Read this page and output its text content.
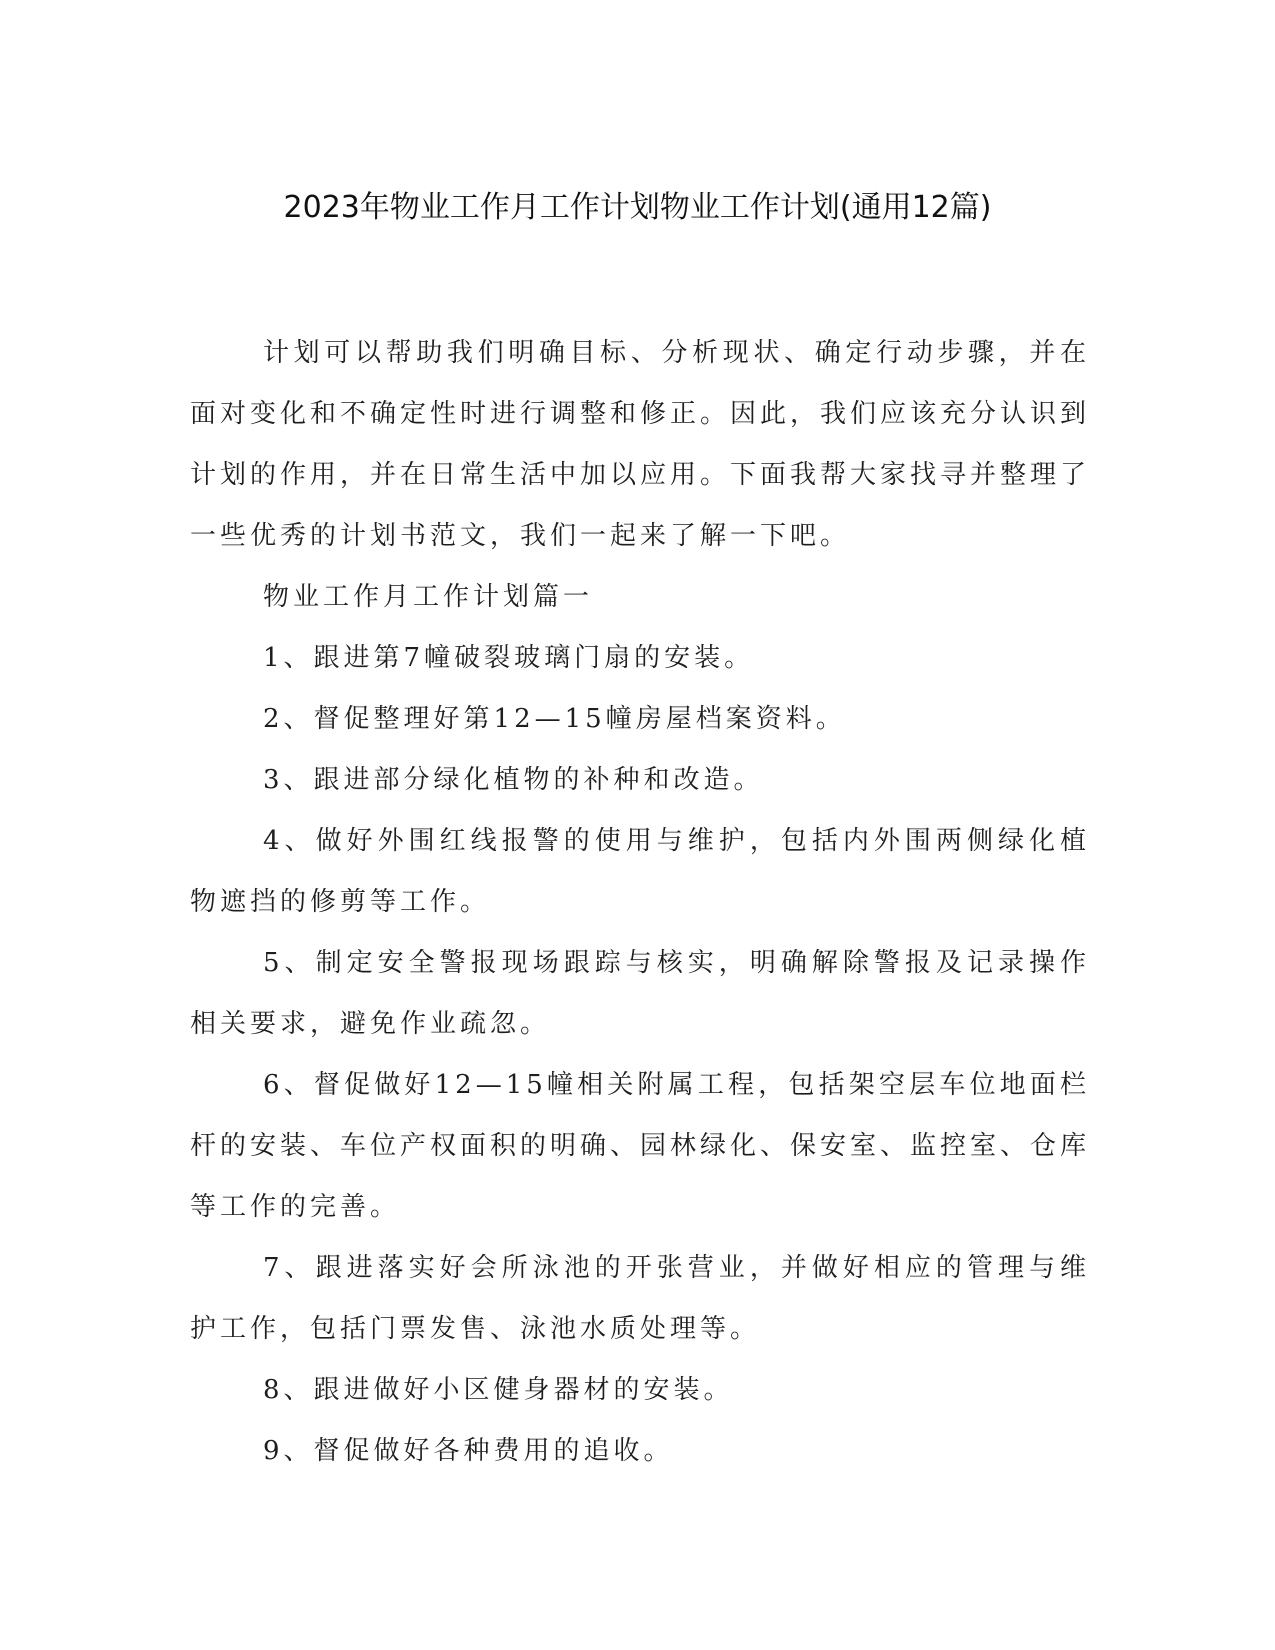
2023年物业工作月工作计划物业工作计划(通用12篇)

计划可以帮助我们明确目标、分析现状、确定行动步骤，并在面对变化和不确定性时进行调整和修正。因此，我们应该充分认识到计划的作用，并在日常生活中加以应用。下面我帮大家找寻并整理了一些优秀的计划书范文，我们一起来了解一下吧。

物业工作月工作计划篇一

1、跟进第7幢破裂玻璃门扇的安装。

2、督促整理好第12—15幢房屋档案资料。

3、跟进部分绿化植物的补种和改造。

4、做好外围红线报警的使用与维护，包括内外围两侧绿化植物遮挡的修剪等工作。

5、制定安全警报现场跟踪与核实，明确解除警报及记录操作相关要求，避免作业疏忽。

6、督促做好12—15幢相关附属工程，包括架空层车位地面栏杆的安装、车位产权面积的明确、园林绿化、保安室、监控室、仓库等工作的完善。

7、跟进落实好会所泳池的开张营业，并做好相应的管理与维护工作，包括门票发售、泳池水质处理等。

8、跟进做好小区健身器材的安装。

9、督促做好各种费用的追收。
